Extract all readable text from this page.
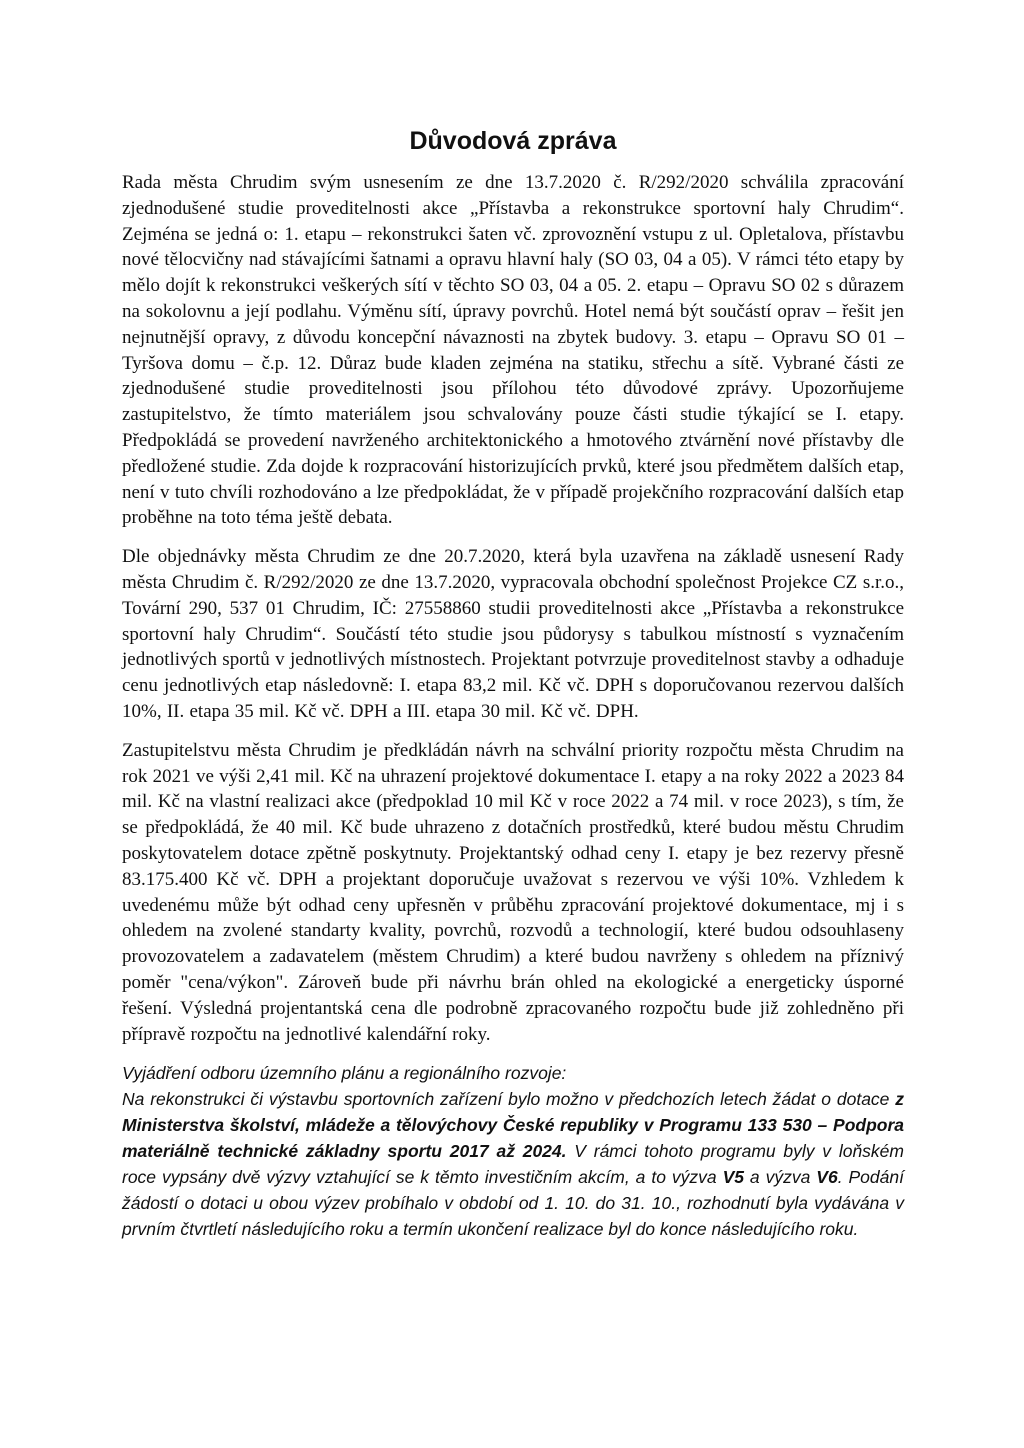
Důvodová zpráva

Rada města Chrudim svým usnesením ze dne 13.7.2020 č. R/292/2020 schválila zpracování zjednodušené studie proveditelnosti akce „Přístavba a rekonstrukce sportovní haly Chrudim“. Zejména se jedná o: 1. etapu – rekonstrukci šaten vč. zprovoznění vstupu z ul. Opletalova, přístavbu nové tělocvičny nad stávajícími šatnami a opravu hlavní haly (SO 03, 04 a 05). V rámci této etapy by mělo dojít k rekonstrukci veškerých sítí v těchto SO 03, 04 a 05. 2. etapu – Opravu SO 02 s důrazem na sokolovnu a její podlahu. Výměnu sítí, úpravy povrchů. Hotel nemá být součástí oprav – řešit jen nejnutnější opravy, z důvodu koncepční návaznosti na zbytek budovy. 3. etapu – Opravu SO 01 – Tyršova domu – č.p. 12. Důraz bude kladen zejména na statiku, střechu a sítě. Vybrané části ze zjednodušené studie proveditelnosti jsou přílohou této důvodové zprávy. Upozorňujeme zastupitelstvo, že tímto materiálem jsou schvalovány pouze části studie týkající se I. etapy. Předpokládá se provedení navrženého architektonického a hmotového ztvárnění nové přístavby dle předložené studie. Zda dojde k rozpracování historizujících prvků, které jsou předmětem dalších etap, není v tuto chvíli rozhodováno a lze předpokládat, že v případě projekčního rozpracování dalších etap proběhne na toto téma ještě debata.

Dle objednávky města Chrudim ze dne 20.7.2020, která byla uzavřena na základě usnesení Rady města Chrudim č. R/292/2020 ze dne 13.7.2020, vypracovala obchodní společnost Projekce CZ s.r.o., Tovární 290, 537 01 Chrudim, IČ: 27558860 studii proveditelnosti akce „Přístavba a rekonstrukce sportovní haly Chrudim“. Součástí této studie jsou půdorysy s tabulkou místností s vyznačením jednotlivých sportů v jednotlivých místnostech. Projektant potvrzuje proveditelnost stavby a odhaduje cenu jednotlivých etap následovně: I. etapa 83,2 mil. Kč vč. DPH s doporučovanou rezervou dalších 10%, II. etapa 35 mil. Kč vč. DPH a III. etapa 30 mil. Kč vč. DPH.

Zastupitelstvu města Chrudim je předkládán návrh na schvální priority rozpočtu města Chrudim na rok 2021 ve výši 2,41 mil. Kč na uhrazení projektové dokumentace I. etapy a na roky 2022 a 2023 84 mil. Kč na vlastní realizaci akce (předpoklad 10 mil Kč v roce 2022 a 74 mil. v roce 2023), s tím, že se předpokládá, že 40 mil. Kč bude uhrazeno z dotačních prostředků, které budou městu Chrudim poskytovatelem dotace zpětně poskytnuty. Projektantský odhad ceny I. etapy je bez rezervy přesně 83.175.400 Kč vč. DPH a projektant doporučuje uvažovat s rezervou ve výši 10%. Vzhledem k uvedenému může být odhad ceny upřesněn v průběhu zpracování projektové dokumentace, mj i s ohledem na zvolené standarty kvality, povrchů, rozvodů a technologií, které budou odsouhlaseny provozovatelem a zadavatelem (městem Chrudim) a které budou navrženy s ohledem na příznivý poměr "cena/výkon". Zároveň bude při návrhu brán ohled na ekologické a energeticky úsporné řešení. Výsledná projentantská cena dle podrobně zpracovaného rozpočtu bude již zohledněno při přípravě rozpočtu na jednotlivé kalendářní roky.

Vyjádření odboru územního plánu a regionálního rozvoje:

Na rekonstrukci či výstavbu sportovních zařízení bylo možno v předchozích letech žádat o dotace z Ministerstva školství, mládeže a tělovýchovy České republiky v Programu 133 530 – Podpora materiálně technické základny sportu 2017 až 2024. V rámci tohoto programu byly v loňském roce vypsány dvě výzvy vztahující se k těmto investičním akcím, a to výzva V5 a výzva V6. Podání žádostí o dotaci u obou výzev probíhalo v období od 1. 10. do 31. 10., rozhodnutí byla vydávána v prvním čtvrtletí následujícího roku a termín ukončení realizace byl do konce následujícího roku.
